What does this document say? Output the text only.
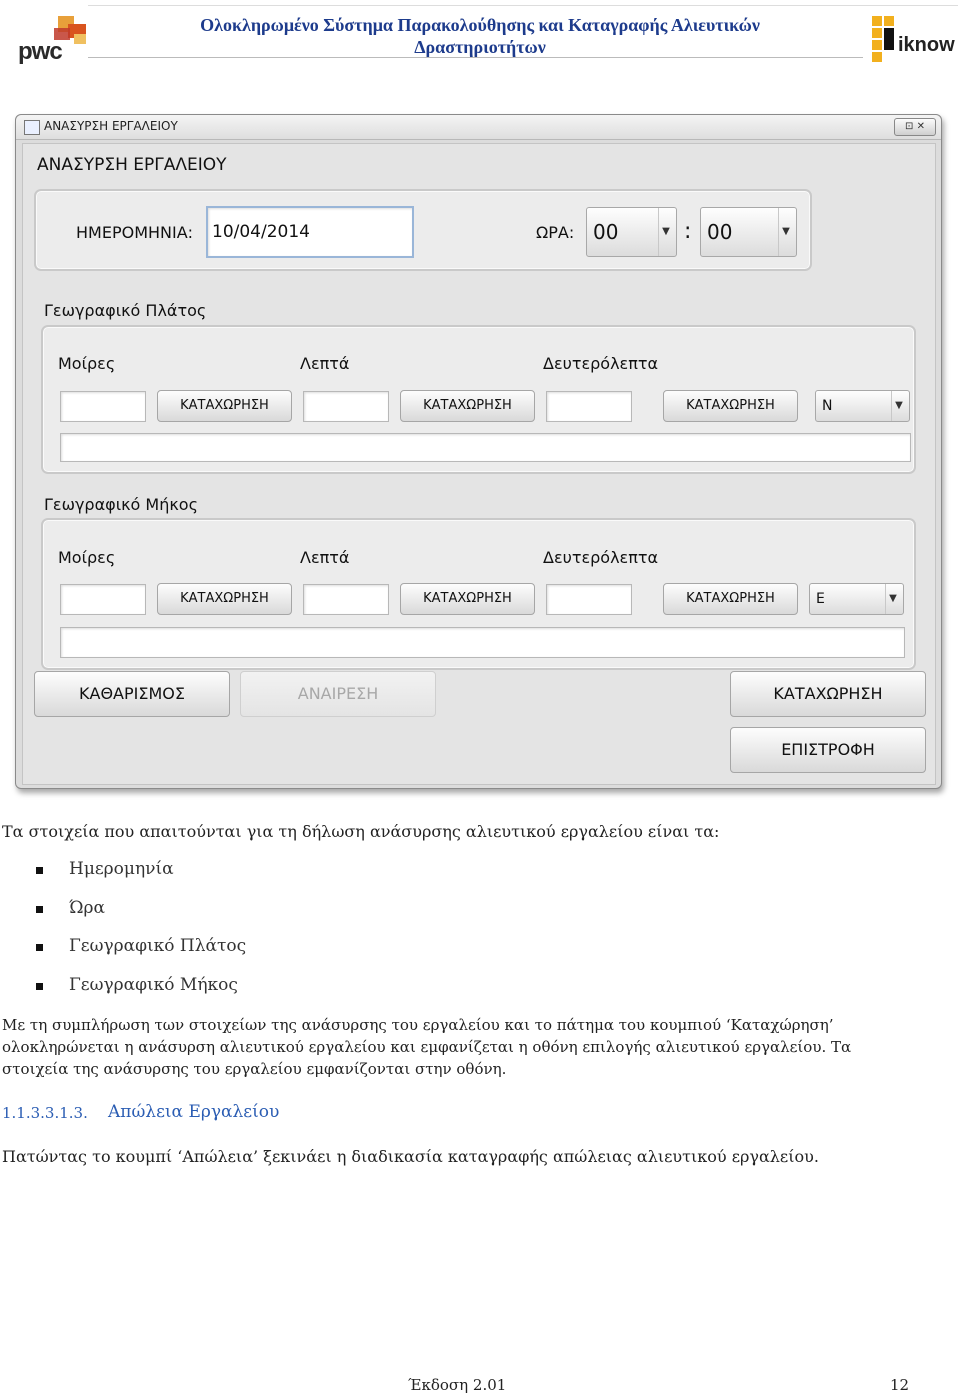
pwc
Ολοκληρωμένο Σύστημα Παρακολούθησης και Καταγραφής Αλιευτικών
Δραστηριοτήτων	iknow
ΑΝΑΣΥΡΣΗ ΕΡΓΑΛΕΙΟΥ	⊡ ✕
ΑΝΑΣΥΡΣΗ ΕΡΓΑΛΕΙΟΥ
ΗΜΕΡΟΜΗΝΙΑ:	10/04/2014	ΩΡΑ: 00	▼ : 00	▼
Γεωγραφικό Πλάτος
Μοίρες	Λεπτά	Δευτερόλεπτα
ΚΑΤΑΧΩΡΗΣΗ	ΚΑΤΑΧΩΡΗΣΗ	ΚΑΤΑΧΩΡΗΣΗ	N	▼
Γεωγραφικό Μήκος
Μοίρες	Λεπτά	Δευτερόλεπτα
ΚΑΤΑΧΩΡΗΣΗ	ΚΑΤΑΧΩΡΗΣΗ	ΚΑΤΑΧΩΡΗΣΗ	E	▼
ΚΑΘΑΡΙΣΜΟΣ	ΑΝΑΙΡΕΣΗ	ΚΑΤΑΧΩΡΗΣΗ
ΕΠΙΣΤΡΟΦΗ
Τα στοιχεία που απαιτούνται για τη δήλωση ανάσυρσης αλιευτικού εργαλείου είναι τα:
Ημερομηνία
Ώρα
Γεωγραφικό Πλάτος
Γεωγραφικό Μήκος
Με τη συμπλήρωση των στοιχείων της ανάσυρσης του εργαλείου και το πάτημα του κουμπιού ‘Καταχώρηση’
ολοκληρώνεται η ανάσυρση αλιευτικού εργαλείου και εμφανίζεται η οθόνη επιλογής αλιευτικού εργαλείου. Τα
στοιχεία της ανάσυρσης του εργαλείου εμφανίζονται στην οθόνη.
1.1.3.3.1.3. Απώλεια Εργαλείου
Πατώντας το κουμπί ‘Απώλεια’ ξεκινάει η διαδικασία καταγραφής απώλειας αλιευτικού εργαλείου.
Έκδοση 2.01	12
